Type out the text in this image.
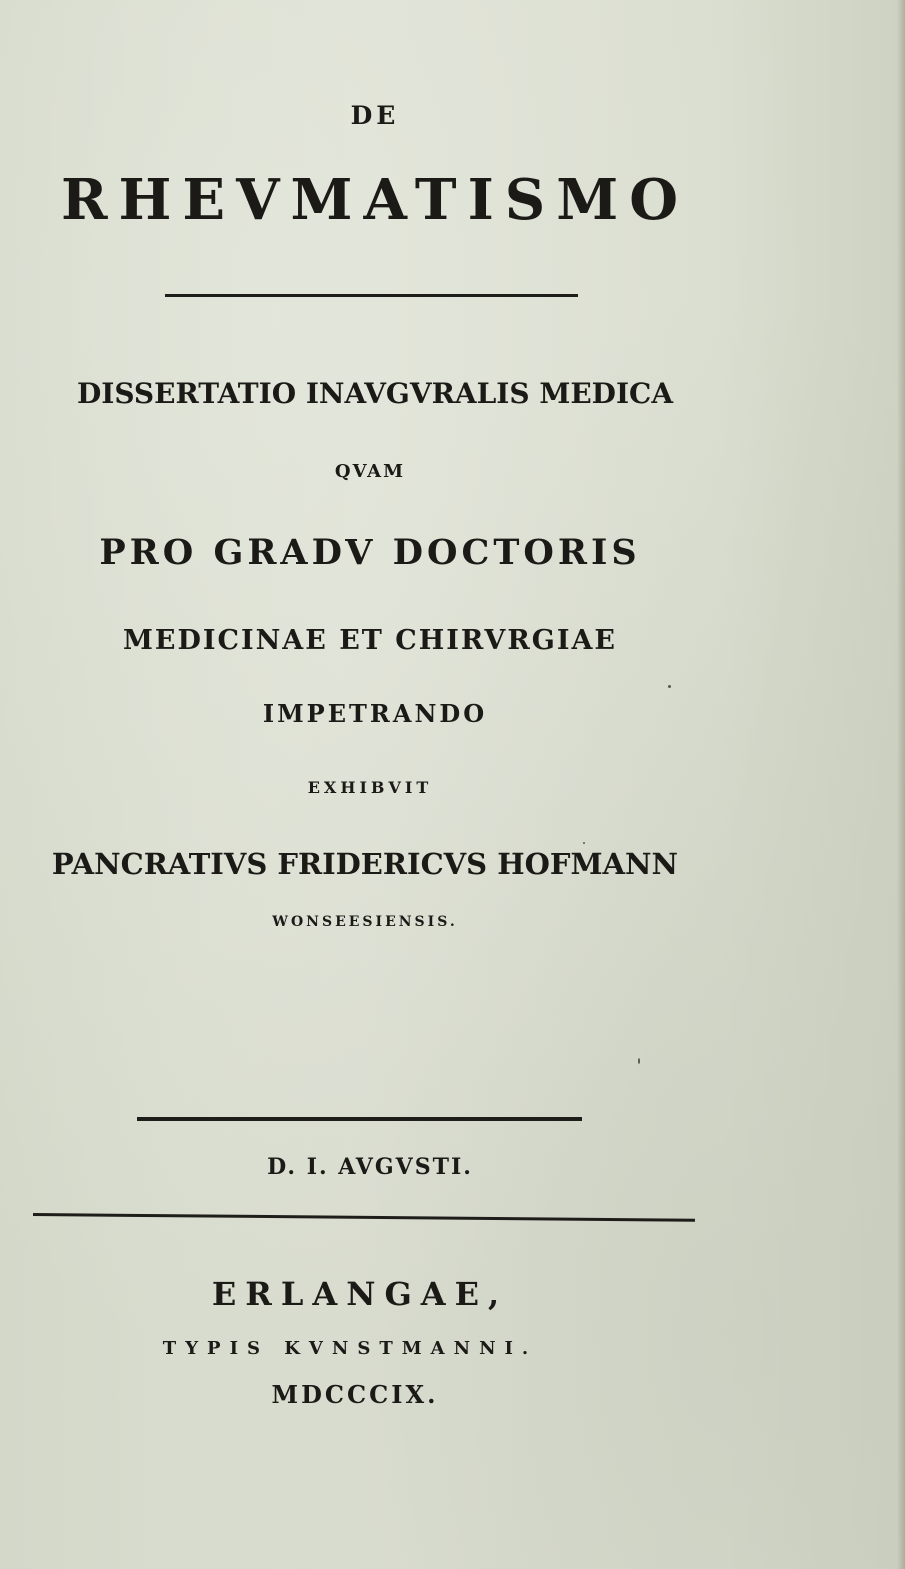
DE
RHEVMATISMO
DISSERTATIO INAVGVRALIS MEDICA
QVAM
PRO GRADV DOCTORIS
MEDICINAE ET CHIRVRGIAE
IMPETRANDO
EXHIBVIT
PANCRATIVS FRIDERICVS HOFMANN
WONSEESIENSIS.
D. I. AVGVSTI.
ERLANGAE,
TYPIS KVNSTMANNI.
MDCCCIX.
